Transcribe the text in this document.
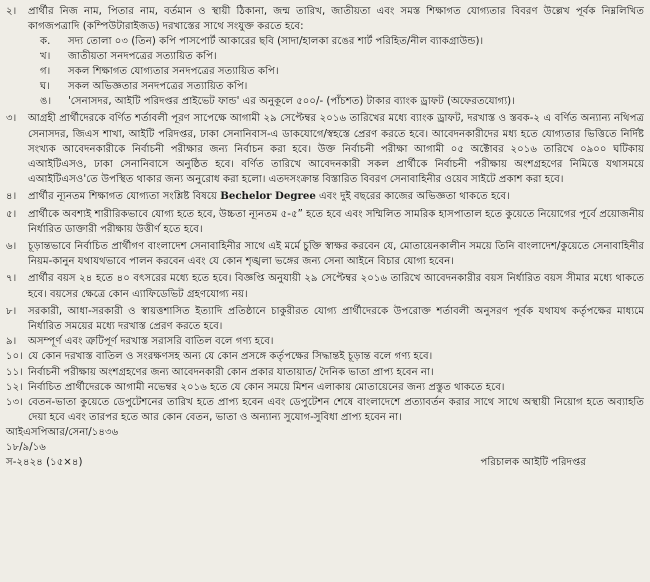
২।	প্রার্থীর নিজ নাম, পিতার নাম, বর্তমান ও স্থায়ী ঠিকানা, জন্ম তারিখ, জাতীয়তা এবং সমস্ত শিক্ষাগত যোগ্যতার বিবরণ উল্লেখ পূর্বক নিম্নলিখিত কাগজপত্রাদি (কম্পিউটারাইজড) দরখাস্তের সাথে সংযুক্ত করতে হবে:
ক.	সদ্য তোলা ০৩ (তিন) কপি পাসপোর্ট আকারের ছবি (সাদা/হালকা রঙের শার্ট পরিহিত/নীল ব্যাকগ্রাউন্ড)।
খ।	জাতীয়তা সনদপত্রের সত্যায়িত কপি।
গ।	সকল শিক্ষাগত যোগ্যতার সনদপত্রের সত্যায়িত কপি।
ঘ।	সকল অভিজ্ঞতার সনদপত্রের সত্যায়িত কপি।
ঙ।	'সেনাসদর, আইটি পরিদপ্তর প্রাইভেট ফান্ড' এর অনুকূলে ৫০০/- (পাঁচশত) টাকার ব্যাংক ড্রাফট (অফেরতযোগ্য)।
৩।	আগ্রহী প্রার্থীদেরকে বর্ণিত শর্তাবলী পূরণ সাপেক্ষে আগামী ২৯ সেপ্টেম্বর ২০১৬ তারিখের মধ্যে ব্যাংক ড্রাফট, দরখাস্ত ও স্তবক-২ এ বর্ণিত অন্যান্য নথিপত্র সেনাসদর, জিএস শাখা, আইটি পরিদপ্তর, ঢাকা সেনানিবাস-এ ডাকযোগে/স্বহস্তে প্রেরণ করতে হবে। আবেদনকারীদের মধ্য হতে যোগ্যতার ভিত্তিতে নির্দিষ্ট সংখ্যক আবেদনকারীকে নির্বাচনী পরীক্ষার জন্য নির্বাচন করা হবে। উক্ত নির্বাচনী পরীক্ষা আগামী ০৫ অক্টোবর ২০১৬ তারিখে ০৯০০ ঘটিকায় এআইটিএসও, ঢাকা সেনানিবাসে অনুষ্ঠিত হবে। বর্ণিত তারিখে আবেদনকারী সকল প্রার্থীকে নির্বাচনী পরীক্ষায় অংশগ্রহণের নিমিত্তে যথাসময়ে এআইটিএসও'তে উপস্থিত থাকার জন্য অনুরোধ করা হলো। এতদসংক্রান্ত বিস্তারিত বিবরণ সেনাবাহিনীর ওয়েব সাইটে প্রকাশ করা হবে।
৪।	প্রার্থীর ন্যূনতম শিক্ষাগত যোগ্যতা সংশ্লিষ্ট বিষয়ে Bechelor Degree এবং দুই বছরের কাজের অভিজ্ঞতা থাকতে হবে।
৫।	প্রার্থীকে অবশ্যই শারীরিকভাবে যোগ্য হতে হবে, উচ্চতা ন্যূনতম ৫-৫” হতে হবে এবং সম্মিলিত সামরিক হাসপাতাল হতে কুয়েতে নিয়োগের পূর্বে প্রয়োজনীয় নির্ধারিত ডাক্তারী পরীক্ষায় উত্তীর্ণ হতে হবে।
৬।	চূড়ান্তভাবে নির্বাচিত প্রার্থীগণ বাংলাদেশ সেনাবাহিনীর সাথে এই মর্মে চুক্তি স্বাক্ষর করবেন যে, মোতায়েনকালীন সময়ে তিনি বাংলাদেশ/কুয়েতে সেনাবাহিনীর নিয়ম-কানুন যথাযথভাবে পালন করবেন এবং যে কোন শৃঙ্খলা ভঙ্গের জন্য সেনা আইনে বিচার যোগ্য হবেন।
৭।	প্রার্থীর বয়স ২৪ হতে ৪০ বৎসরের মধ্যে হতে হবে। বিজ্ঞপ্তি অনুযায়ী ২৯ সেপ্টেম্বর ২০১৬ তারিখে আবেদনকারীর বয়স নির্ধারিত বয়স সীমার মধ্যে থাকতে হবে। বয়সের ক্ষেত্রে কোন এ্যাফিডেভিট গ্রহণযোগ্য নয়।
৮।	সরকারী, আধা-সরকারী ও স্বায়ত্তশাসিত ইত্যাদি প্রতিষ্ঠানে চাকুরীরত যোগ্য প্রার্থীদেরকে উপরোক্ত শর্তাবলী অনুসরণ পূর্বক যথাযথ কর্তৃপক্ষের মাধ্যমে নির্ধারিত সময়ের মধ্যে দরখাস্ত প্রেরণ করতে হবে।
৯।	অসম্পূর্ণ এবং ত্রুটিপূর্ণ দরখাস্ত সরাসরি বাতিল বলে গণ্য হবে।
১০। যে কোন দরখাস্ত বাতিল ও সংরক্ষণসহ অন্য যে কোন প্রসঙ্গে কর্তৃপক্ষের সিদ্ধান্তই চূড়ান্ত বলে গণ্য হবে।
১১। নির্বাচনী পরীক্ষায় অংশগ্রহণের জন্য আবেদনকারী কোন প্রকার যাতায়াত/ দৈনিক ভাতা প্রাপ্য হবেন না।
১২। নির্বাচিত প্রার্থীদেরকে আগামী নভেম্বর ২০১৬ হতে যে কোন সময়ে মিশন এলাকায় মোতায়েনের জন্য প্রস্তুত থাকতে হবে।
১৩। বেতন-ভাতা কুয়েতে ডেপুটেশনের তারিখ হতে প্রাপ্য হবেন এবং ডেপুটেশন শেষে বাংলাদেশে প্রত্যাবর্তন করার সাথে সাথে অস্থায়ী নিয়োগ হতে অব্যাহতি দেয়া হবে এবং তারপর হতে আর কোন বেতন, ভাতা ও অন্যান্য সুযোগ-সুবিধা প্রাপ্য হবেন না।
আইএসপিআর/সেনা/১৪৩৬
১৮/৯/১৬
স-২৪২৪ (১৫×৪)	পরিচালক আইটি পরিদপ্তর
